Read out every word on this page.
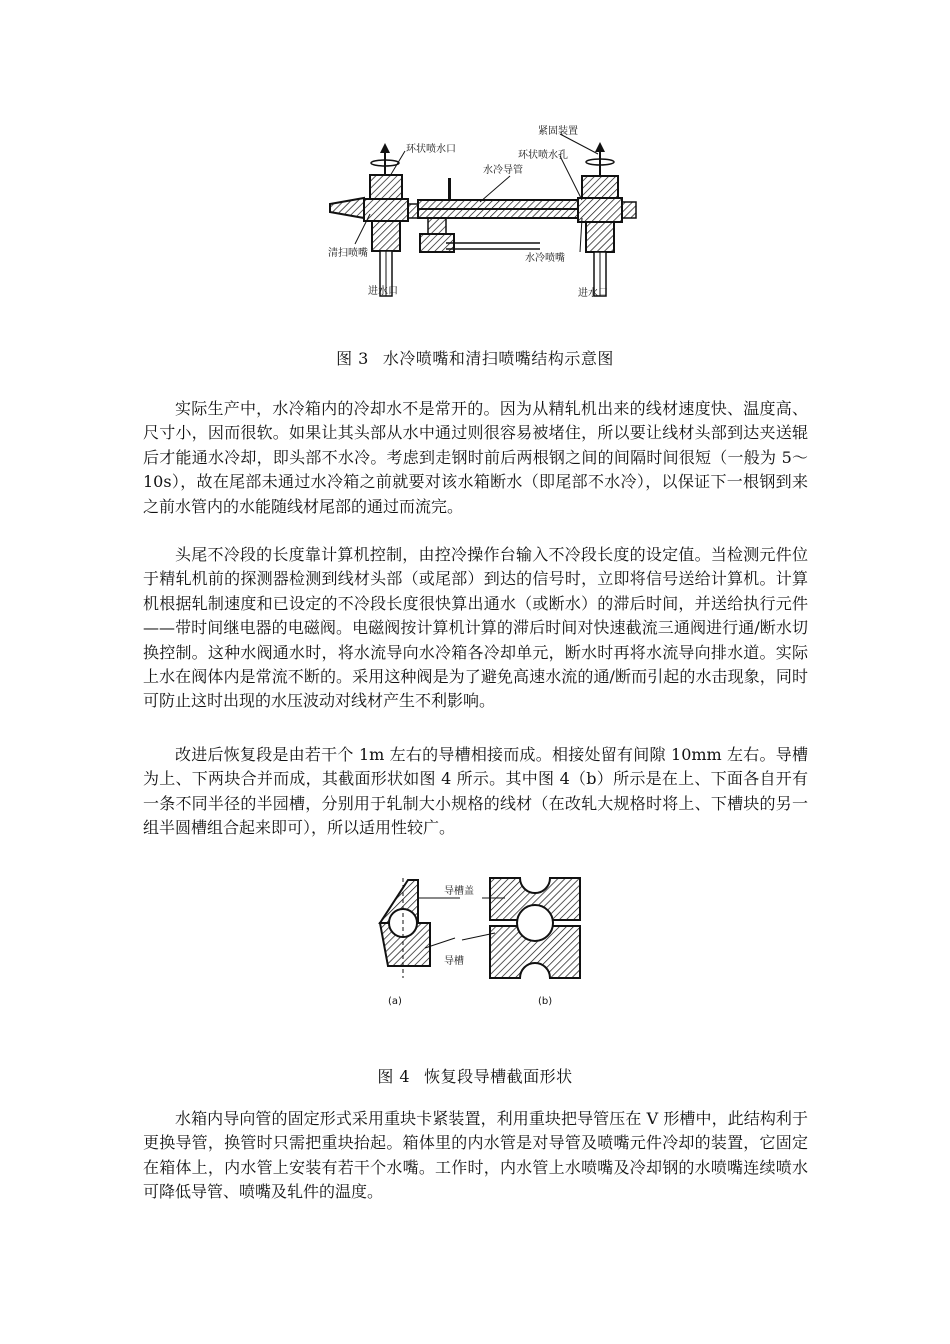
环状喷水口
紧固装置
环状喷水孔
水冷导管
清扫喷嘴	水冷喷嘴
进水口	进水口
图 3 水冷喷嘴和清扫喷嘴结构示意图

实际生产中，水冷箱内的冷却水不是常开的。因为从精轧机出来的线材速度快、温度高、尺寸小，因而很软。如果让其头部从水中通过则很容易被堵住，所以要让线材头部到达夹送辊后才能通水冷却，即头部不水冷。考虑到走钢时前后两根钢之间的间隔时间很短（一般为 5～10s），故在尾部未通过水冷箱之前就要对该水箱断水（即尾部不水冷），以保证下一根钢到来之前水管内的水能随线材尾部的通过而流完。

头尾不冷段的长度靠计算机控制，由控冷操作台输入不冷段长度的设定值。当检测元件位于精轧机前的探测器检测到线材头部（或尾部）到达的信号时，立即将信号送给计算机。计算机根据轧制速度和已设定的不冷段长度很快算出通水（或断水）的滞后时间，并送给执行元件——带时间继电器的电磁阀。电磁阀按计算机计算的滞后时间对快速截流三通阀进行通/断水切换控制。这种水阀通水时，将水流导向水冷箱各冷却单元，断水时再将水流导向排水道。实际上水在阀体内是常流不断的。采用这种阀是为了避免高速水流的通/断而引起的水击现象，同时可防止这时出现的水压波动对线材产生不利影响。

改进后恢复段是由若干个 1m 左右的导槽相接而成。相接处留有间隙 10mm 左右。导槽为上、下两块合并而成，其截面形状如图 4 所示。其中图 4（b）所示是在上、下面各自开有一条不同半径的半园槽，分别用于轧制大小规格的线材（在改轧大规格时将上、下槽块的另一组半圆槽组合起来即可），所以适用性较广。

导槽盖
导槽
(a)	(b)
图 4 恢复段导槽截面形状

水箱内导向管的固定形式采用重块卡紧装置，利用重块把导管压在 V 形槽中，此结构利于更换导管，换管时只需把重块抬起。箱体里的内水管是对导管及喷嘴元件冷却的装置，它固定在箱体上，内水管上安装有若干个水嘴。工作时，内水管上水喷嘴及冷却钢的水喷嘴连续喷水可降低导管、喷嘴及轧件的温度。
